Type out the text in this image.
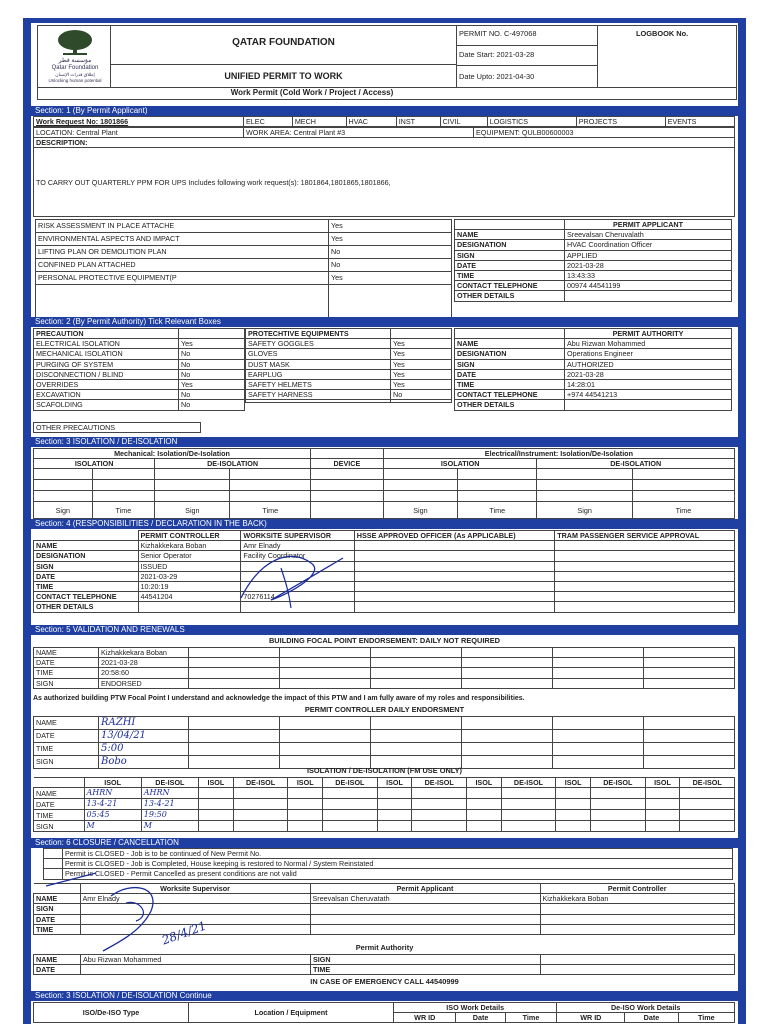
مؤسسة قطر
Qatar Foundation
إطلاق قدرات الإنسان
Unlocking human potential
QATAR FOUNDATION
UNIFIED PERMIT TO WORK
Work Permit (Cold Work / Project / Access)
PERMIT NO. C-497068
Date Start: 2021-03-28
Date Upto: 2021-04-30
LOGBOOK No.
Section: 1 (By Permit Applicant)
Work Request No: 1801866	ELEC	MECH	HVAC	INST	CIVIL	LOGISTICS	PROJECTS	EVENTS
LOCATION: Central Plant	WORK AREA: Central Plant #3	EQUIPMENT: QULB00600003
DESCRIPTION:
TO CARRY OUT QUARTERLY PPM FOR UPS Includes following work request(s): 1801864,1801865,1801866,
RISK ASSESSMENT IN PLACE ATTACHE	Yes
ENVIRONMENTAL ASPECTS AND IMPACT	Yes
LIFTING PLAN OR DEMOLITION PLAN	No
CONFINED PLAN ATTACHED	No
PERSONAL PROTECTIVE EQUIPMENT(P	Yes

	PERMIT APPLICANT
NAME	Sreevalsan Cheruvalath
DESIGNATION	HVAC Coordination Officer
SIGN	APPLIED
DATE	2021-03-28
TIME	13:43:33
CONTACT TELEPHONE	00974 44541199
OTHER DETAILS	
Section: 2 (By Permit Authority) Tick Relevant Boxes
PRECAUTION	
ELECTRICAL ISOLATION	Yes
MECHANICAL ISOLATION	No
PURGING OF SYSTEM	No
DISCONNECTION / BLIND	No
OVERRIDES	Yes
EXCAVATION	No
SCAFOLDING	No
PROTECHTIVE EQUIPMENTS	
SAFETY GOGGLES	Yes
GLOVES	Yes
DUST MASK	Yes
EARPLUG	Yes
SAFETY HELMETS	Yes
SAFETY HARNESS	No

OTHER PRECAUTIONS
	PERMIT AUTHORITY
NAME	Abu Rizwan Mohammed
DESIGNATION	Operations Engineer
SIGN	AUTHORIZED
DATE	2021-03-28
TIME	14:28:01
CONTACT TELEPHONE	+974 44541213
OTHER DETAILS	
Section: 3 ISOLATION / DE-ISOLATION
Mechanical: Isolation/De-Isolation					Electrical/Instrument: Isolation/De-Isolation			
ISOLATION		DE-ISOLATION		DEVICE	ISOLATION		DE-ISOLATION	

Sign	Time	Sign	Time		Sign	Time	Sign	Time
Section: 4 (RESPONSIBILITIES / DECLARATION IN THE BACK)
	PERMIT CONTROLLER	WORKSITE SUPERVISOR	HSSE APPROVED OFFICER (As APPLICABLE)	TRAM PASSENGER SERVICE APPROVAL
NAME	Kizhakkekara Boban	Amr Elnady		
DESIGNATION	Senior Operator	Facility Coordinator		
SIGN	ISSUED			
DATE	2021-03-29			
TIME	10:20:19			
CONTACT TELEPHONE	44541204	70276114		
OTHER DETAILS				
Section: 5 VALIDATION AND RENEWALS
BUILDING FOCAL POINT ENDORSEMENT: DAILY NOT REQUIRED
NAME	Kizhakkekara Boban						
DATE	2021-03-28						
TIME	20:58:60						
SIGN	ENDORSED						
As authorized building PTW Focal Point I understand and acknowledge the impact of this PTW and I am fully aware of my roles and responsibilities.
PERMIT CONTROLLER DAILY ENDORSMENT
NAME	RAZHI						
DATE	13/04/21						
TIME	5:00						
SIGN	Bobo						
ISOLATION / DE-ISOLATION (FM USE ONLY)
	ISOL	DE-ISOL	ISOL	DE-ISOL	ISOL	DE-ISOL	ISOL	DE-ISOL	ISOL	DE-ISOL	ISOL	DE-ISOL	ISOL	DE-ISOL
NAME	AHRN	AHRN												
DATE	13-4-21	13-4-21												
TIME	05:45	19:50												
SIGN	M	M												
Section: 6 CLOSURE / CANCELLATION
	Permit is CLOSED - Job is to be continued of New Permit No.
	Permit is CLOSED - Job is Completed, House keeping is restored to Normal / System Reinstated
	Permit is CLOSED - Permit Cancelled as present conditions are not valid
	Worksite Supervisor	Permit Applicant	Permit Controller
NAME	Amr Elnady	Sreevalsan Cheruvatath	Kizhakkekara Boban
SIGN			
DATE			
TIME			
Permit Authority
NAME	Abu Rizwan Mohammed	SIGN	
DATE		TIME	
IN CASE OF EMERGENCY CALL 44540999
28/4/21
Section: 3 ISOLATION / DE-ISOLATION Continue
ISO/De-ISO Type	Location / Equipment	ISO Work Details			De-ISO Work Details		
		WR ID	Date	Time	WR ID	Date	Time
